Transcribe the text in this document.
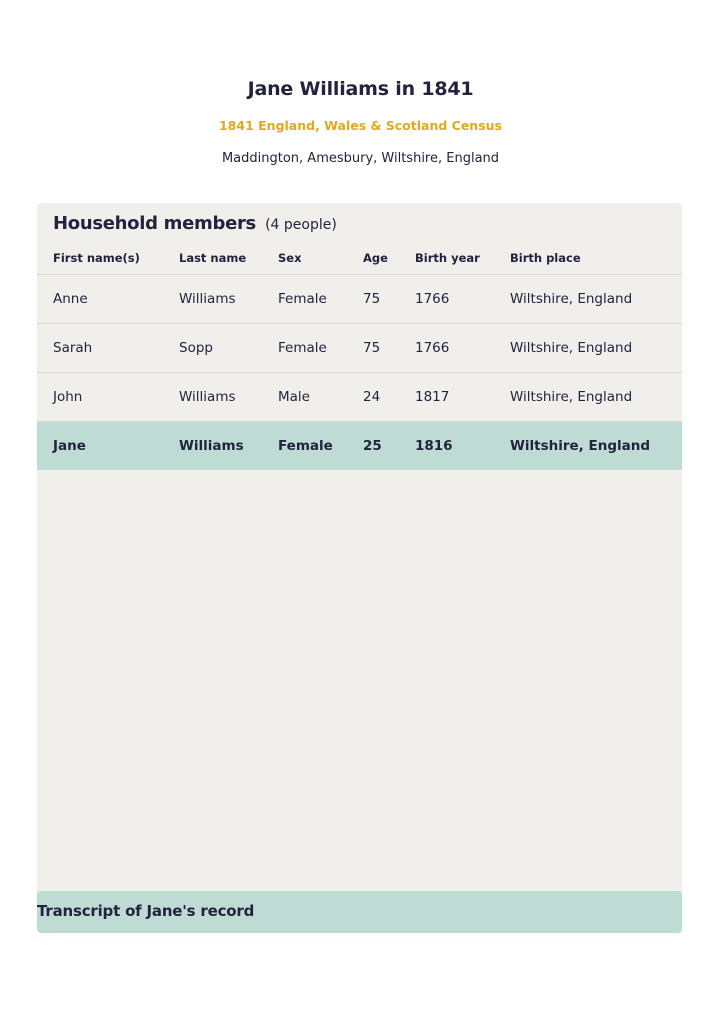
Jane Williams in 1841
1841 England, Wales & Scotland Census
Maddington, Amesbury, Wiltshire, England
Household members (4 people)
First name(s)	Last name	Sex	Age	Birth year	Birth place
Anne	Williams	Female	75	1766	Wiltshire, England
Sarah	Sopp	Female	75	1766	Wiltshire, England
John	Williams	Male	24	1817	Wiltshire, England
Jane	Williams	Female	25	1816	Wiltshire, England
Transcript of Jane's record
